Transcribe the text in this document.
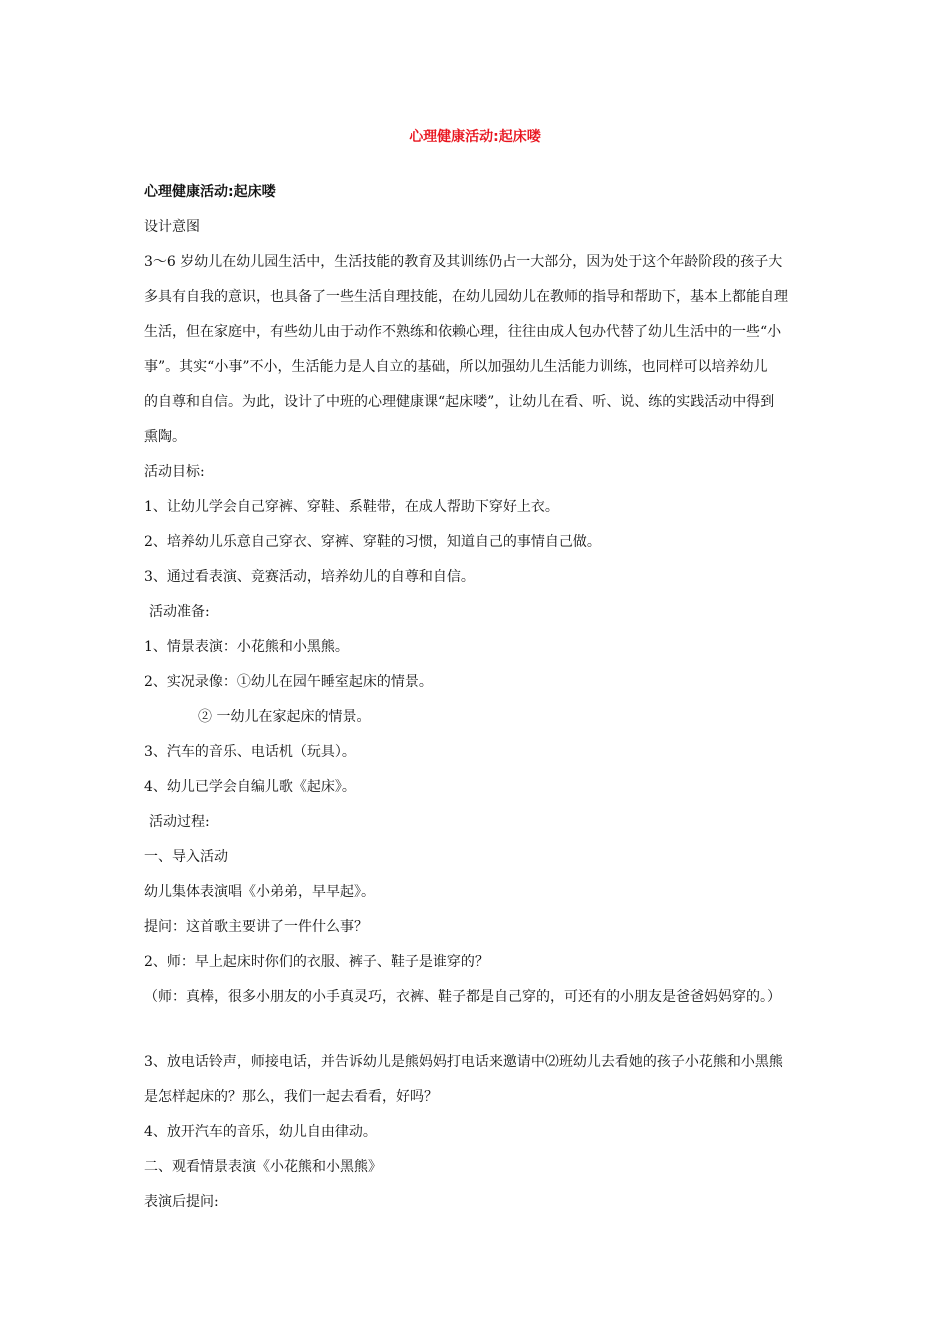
心理健康活动:起床喽
心理健康活动:起床喽
设计意图
3～6 岁幼儿在幼儿园生活中，生活技能的教育及其训练仍占一大部分，因为处于这个年龄阶段的孩子大
多具有自我的意识，也具备了一些生活自理技能，在幼儿园幼儿在教师的指导和帮助下，基本上都能自理
生活，但在家庭中，有些幼儿由于动作不熟练和依赖心理，往往由成人包办代替了幼儿生活中的一些“小
事”。其实“小事”不小，生活能力是人自立的基础，所以加强幼儿生活能力训练，也同样可以培养幼儿
的自尊和自信。为此，设计了中班的心理健康课“起床喽”，让幼儿在看、听、说、练的实践活动中得到
熏陶。
活动目标:
1、让幼儿学会自己穿裤、穿鞋、系鞋带，在成人帮助下穿好上衣。
2、培养幼儿乐意自己穿衣、穿裤、穿鞋的习惯，知道自己的事情自己做。
3、通过看表演、竞赛活动，培养幼儿的自尊和自信。
活动准备:
1、情景表演：小花熊和小黑熊。
2、实况录像：①幼儿在园午睡室起床的情景。
② 一幼儿在家起床的情景。
3、汽车的音乐、电话机（玩具）。
4、幼儿已学会自编儿歌《起床》。
活动过程:
一、导入活动
幼儿集体表演唱《小弟弟，早早起》。
提问：这首歌主要讲了一件什么事？
2、师：早上起床时你们的衣服、裤子、鞋子是谁穿的？
（师：真棒，很多小朋友的小手真灵巧，衣裤、鞋子都是自己穿的，可还有的小朋友是爸爸妈妈穿的。）
3、放电话铃声，师接电话，并告诉幼儿是熊妈妈打电话来邀请中⑵班幼儿去看她的孩子小花熊和小黑熊
是怎样起床的？那么，我们一起去看看，好吗？
4、放开汽车的音乐，幼儿自由律动。
二、观看情景表演《小花熊和小黑熊》
表演后提问:
